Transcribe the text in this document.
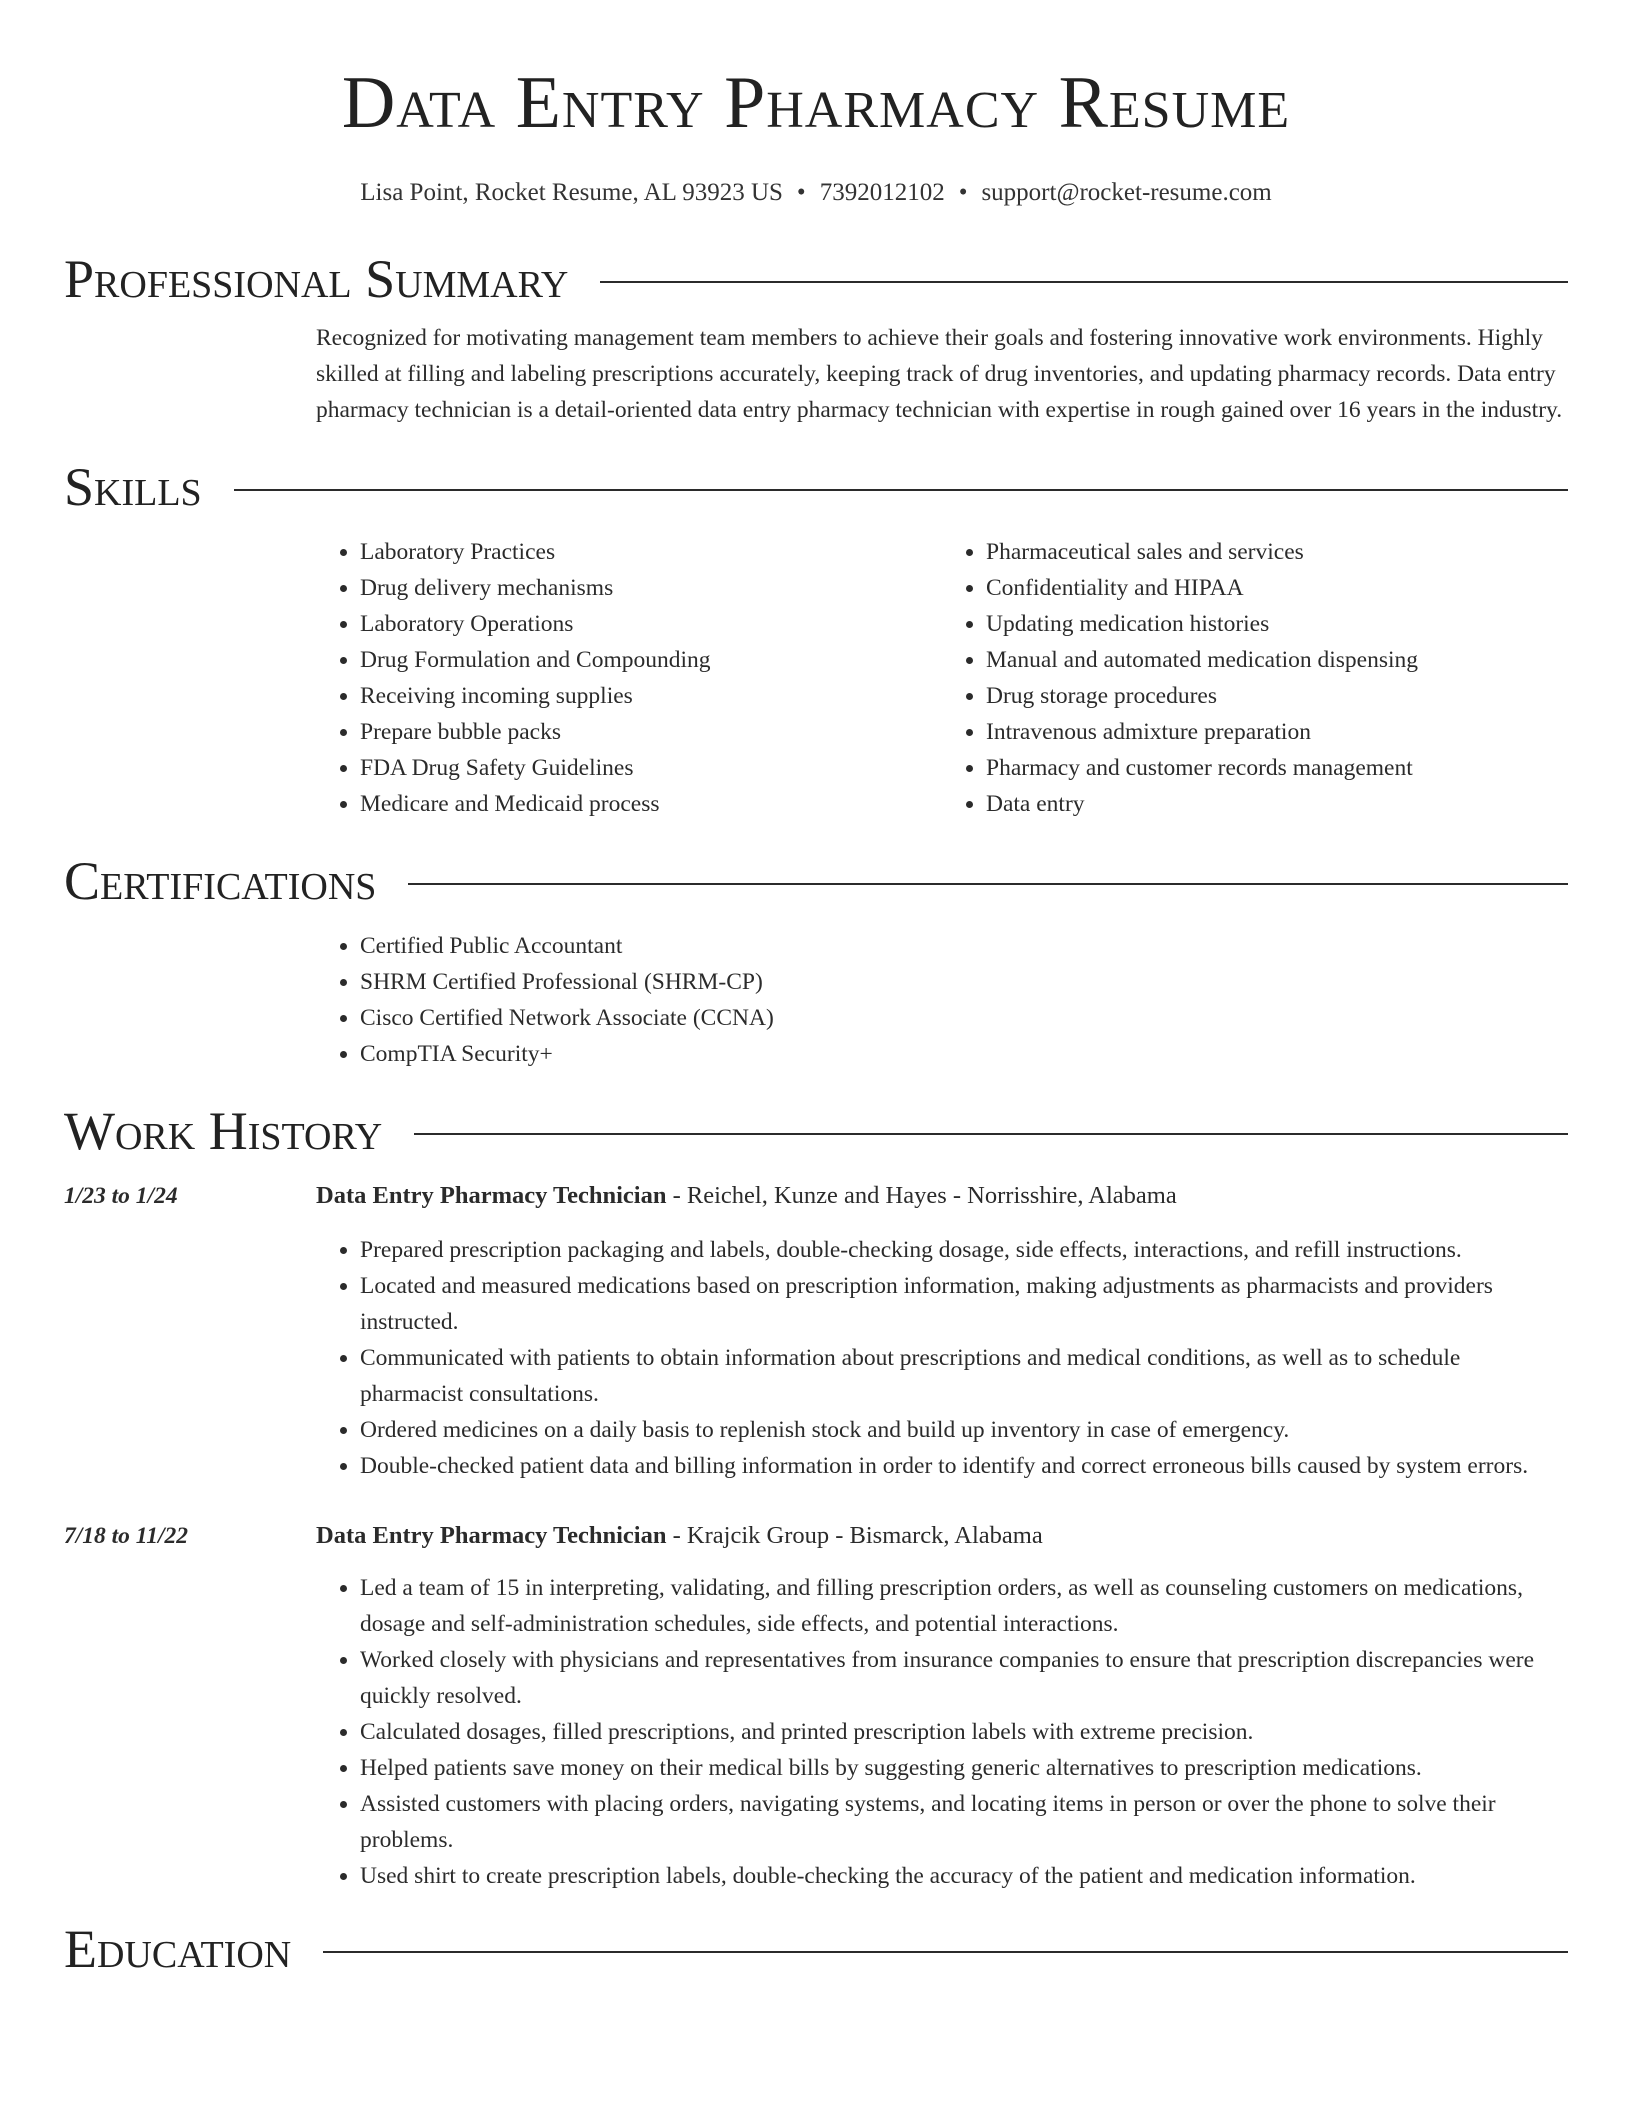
Data Entry Pharmacy Resume
Lisa Point, Rocket Resume, AL 93923 US • 7392012102 • support@rocket-resume.com
Professional Summary
Recognized for motivating management team members to achieve their goals and fostering innovative work environments. Highly skilled at filling and labeling prescriptions accurately, keeping track of drug inventories, and updating pharmacy records. Data entry pharmacy technician is a detail-oriented data entry pharmacy technician with expertise in rough gained over 16 years in the industry.
Skills
• Laboratory Practices
• Drug delivery mechanisms
• Laboratory Operations
• Drug Formulation and Compounding
• Receiving incoming supplies
• Prepare bubble packs
• FDA Drug Safety Guidelines
• Medicare and Medicaid process
• Pharmaceutical sales and services
• Confidentiality and HIPAA
• Updating medication histories
• Manual and automated medication dispensing
• Drug storage procedures
• Intravenous admixture preparation
• Pharmacy and customer records management
• Data entry
Certifications
• Certified Public Accountant
• SHRM Certified Professional (SHRM-CP)
• Cisco Certified Network Associate (CCNA)
• CompTIA Security+
Work History
1/23 to 1/24	Data Entry Pharmacy Technician - Reichel, Kunze and Hayes - Norrisshire, Alabama
• Prepared prescription packaging and labels, double-checking dosage, side effects, interactions, and refill instructions.
• Located and measured medications based on prescription information, making adjustments as pharmacists and providers instructed.
• Communicated with patients to obtain information about prescriptions and medical conditions, as well as to schedule pharmacist consultations.
• Ordered medicines on a daily basis to replenish stock and build up inventory in case of emergency.
• Double-checked patient data and billing information in order to identify and correct erroneous bills caused by system errors.
7/18 to 11/22	Data Entry Pharmacy Technician - Krajcik Group - Bismarck, Alabama
• Led a team of 15 in interpreting, validating, and filling prescription orders, as well as counseling customers on medications, dosage and self-administration schedules, side effects, and potential interactions.
• Worked closely with physicians and representatives from insurance companies to ensure that prescription discrepancies were quickly resolved.
• Calculated dosages, filled prescriptions, and printed prescription labels with extreme precision.
• Helped patients save money on their medical bills by suggesting generic alternatives to prescription medications.
• Assisted customers with placing orders, navigating systems, and locating items in person or over the phone to solve their problems.
• Used shirt to create prescription labels, double-checking the accuracy of the patient and medication information.
Education
